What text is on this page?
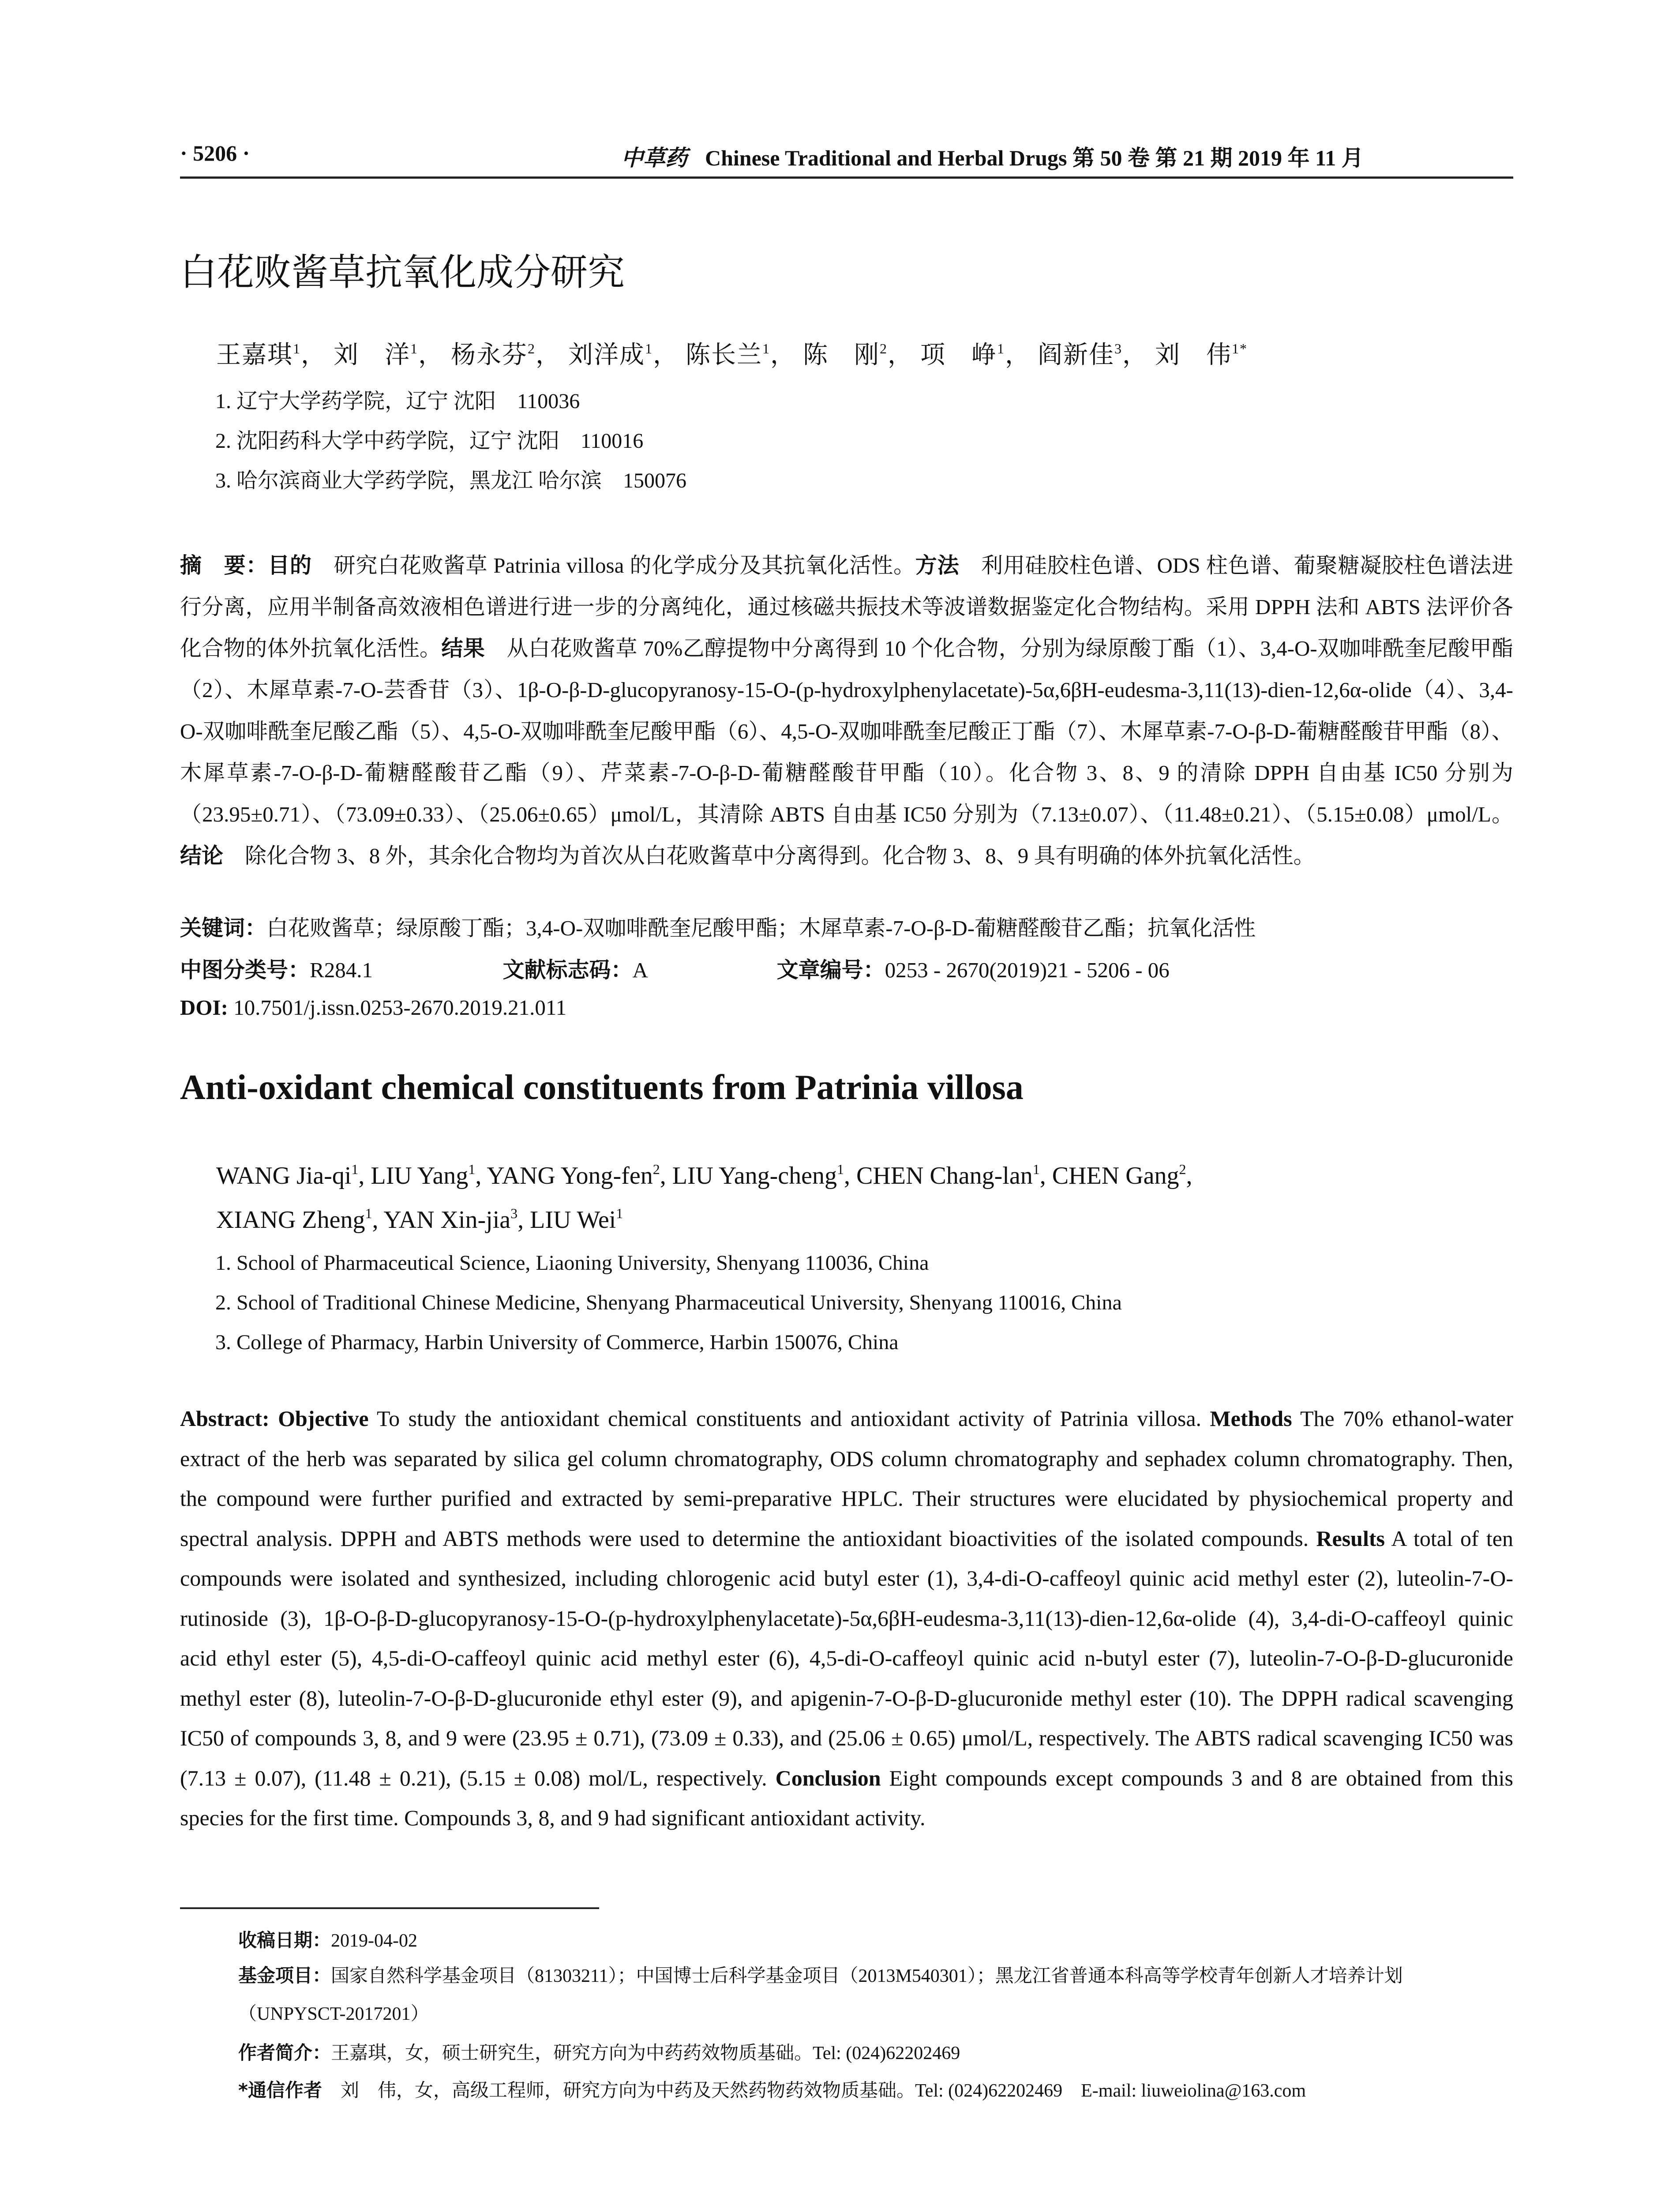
· 5206 ·	中草药 Chinese Traditional and Herbal Drugs 第 50 卷 第 21 期 2019 年 11 月
白花败酱草抗氧化成分研究
王嘉琪$^1$， 刘　洋$^1$， 杨永芬$^2$， 刘洋成$^1$， 陈长兰$^1$， 陈　刚$^2$， 项　峥$^1$， 阎新佳$^3$， 刘　伟$^{1*}$
1. 辽宁大学药学院，辽宁 沈阳　110036
2. 沈阳药科大学中药学院，辽宁 沈阳　110016
3. 哈尔滨商业大学药学院，黑龙江 哈尔滨　150076
摘　要：目的　研究白花败酱草 Patrinia villosa 的化学成分及其抗氧化活性。方法　利用硅胶柱色谱、ODS 柱色谱、葡聚糖凝胶柱色谱法进行分离，应用半制备高效液相色谱进行进一步的分离纯化，通过核磁共振技术等波谱数据鉴定化合物结构。采用 DPPH 法和 ABTS 法评价各化合物的体外抗氧化活性。结果　从白花败酱草 70%乙醇提物中分离得到 10 个化合物，分别为绿原酸丁酯（1）、3,4-O-双咖啡酰奎尼酸甲酯（2）、木犀草素-7-O-芸香苷（3）、1β-O-β-D-glucopyranosy-15-O-(p-hydroxylphenylacetate)-5α,6βH-eudesma-3,11(13)-dien-12,6α-olide（4）、3,4-O-双咖啡酰奎尼酸乙酯（5）、4,5-O-双咖啡酰奎尼酸甲酯（6）、4,5-O-双咖啡酰奎尼酸正丁酯（7）、木犀草素-7-O-β-D-葡糖醛酸苷甲酯（8）、木犀草素-7-O-β-D-葡糖醛酸苷乙酯（9）、芹菜素-7-O-β-D-葡糖醛酸苷甲酯（10）。化合物 3、8、9 的清除 DPPH 自由基 IC50 分别为（23.95±0.71）、（73.09±0.33）、（25.06±0.65）μmol/L，其清除 ABTS 自由基 IC50 分别为（7.13±0.07）、（11.48±0.21）、（5.15±0.08）μmol/L。结论　除化合物 3、8 外，其余化合物均为首次从白花败酱草中分离得到。化合物 3、8、9 具有明确的体外抗氧化活性。
关键词：白花败酱草；绿原酸丁酯；3,4-O-双咖啡酰奎尼酸甲酯；木犀草素-7-O-β-D-葡糖醛酸苷乙酯；抗氧化活性
中图分类号：R284.1	文献标志码：A	文章编号：0253 - 2670(2019)21 - 5206 - 06
DOI: 10.7501/j.issn.0253-2670.2019.21.011
Anti-oxidant chemical constituents from Patrinia villosa
WANG Jia-$qi^1$, LIU Yang$^1$, YANG Yong-fen$^2$, LIU Yang-cheng$^1$, CHEN Chang-lan$^1$, CHEN Gang$^2$,
XIANG Zheng$^1$, YAN Xin-jia$^3$, LIU Wei$^1$
1. School of Pharmaceutical Science, Liaoning University, Shenyang 110036, China
2. School of Traditional Chinese Medicine, Shenyang Pharmaceutical University, Shenyang 110016, China
3. College of Pharmacy, Harbin University of Commerce, Harbin 150076, China
Abstract: Objective To study the antioxidant chemical constituents and antioxidant activity of Patrinia villosa. Methods The 70% ethanol-water extract of the herb was separated by silica gel column chromatography, ODS column chromatography and sephadex column chromatography. Then, the compound were further purified and extracted by semi-preparative HPLC. Their structures were elucidated by physiochemical property and spectral analysis. DPPH and ABTS methods were used to determine the antioxidant bioactivities of the isolated compounds. Results A total of ten compounds were isolated and synthesized, including chlorogenic acid butyl ester (1), 3,4-di-O-caffeoyl quinic acid methyl ester (2), luteolin-7-O-rutinoside (3), 1β-O-β-D-glucopyranosy-15-O-(p-hydroxylphenylacetate)-5α,6βH-eudesma-3,11(13)-dien-12,6α-olide (4), 3,4-di-O-caffeoyl quinic acid ethyl ester (5), 4,5-di-O-caffeoyl quinic acid methyl ester (6), 4,5-di-O-caffeoyl quinic acid n-butyl ester (7), luteolin-7-O-β-D-glucuronide methyl ester (8), luteolin-7-O-β-D-glucuronide ethyl ester (9), and apigenin-7-O-β-D-glucuronide methyl ester (10). The DPPH radical scavenging IC50 of compounds 3, 8, and 9 were (23.95 ± 0.71), (73.09 ± 0.33), and (25.06 ± 0.65) μmol/L, respectively. The ABTS radical scavenging IC50 was (7.13 ± 0.07), (11.48 ± 0.21), (5.15 ± 0.08) mol/L, respectively. Conclusion Eight compounds except compounds 3 and 8 are obtained from this species for the first time. Compounds 3, 8, and 9 had significant antioxidant activity.
收稿日期：2019-04-02
基金项目：国家自然科学基金项目（81303211）；中国博士后科学基金项目（2013M540301）；黑龙江省普通本科高等学校青年创新人才培养计划（UNPYSCT-2017201）
作者简介：王嘉琪，女，硕士研究生，研究方向为中药药效物质基础。Tel: (024)62202469
*通信作者　刘　伟，女，高级工程师，研究方向为中药及天然药物药效物质基础。Tel: (024)62202469　E-mail: liuweiolina@163.com
